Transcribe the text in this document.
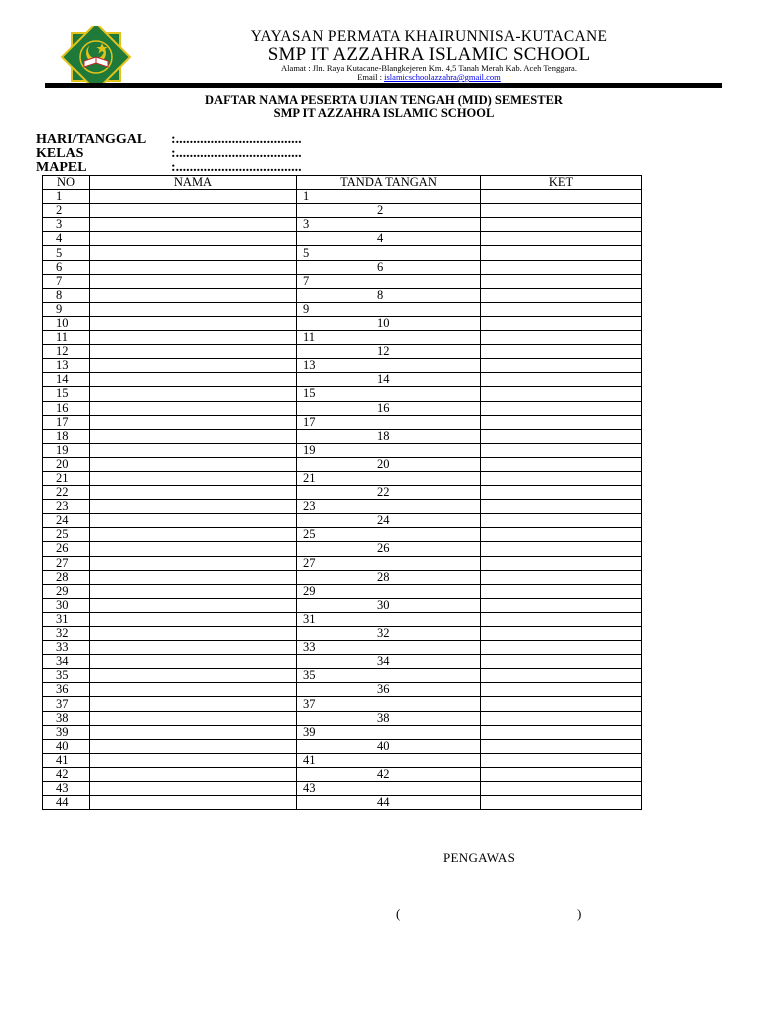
YAYASAN PERMATA KHAIRUNNISA-KUTACANE
SMP IT AZZAHRA ISLAMIC SCHOOL
Alamat : Jln. Raya Kutacane-Blangkejeren Km. 4,5 Tanah Merah Kab. Aceh Tenggara.
Email : islamicschoolazzahra@gmail.com
DAFTAR NAMA PESERTA UJIAN TENGAH (MID) SEMESTER
SMP IT AZZAHRA ISLAMIC SCHOOL
HARI/TANGGAL :....................................
KELAS	:....................................
MAPEL	:....................................
NO	NAMA	TANDA TANGAN	KET
1		1	
2		2	
3		3	
4		4	
5		5	
6		6	
7		7	
8		8	
9		9	
10		10	
11		11	
12		12	
13		13	
14		14	
15		15	
16		16	
17		17	
18		18	
19		19	
20		20	
21		21	
22		22	
23		23	
24		24	
25		25	
26		26	
27		27	
28		28	
29		29	
30		30	
31		31	
32		32	
33		33	
34		34	
35		35	
36		36	
37		37	
38		38	
39		39	
40		40	
41		41	
42		42	
43		43	
44		44	
PENGAWAS
(	)
